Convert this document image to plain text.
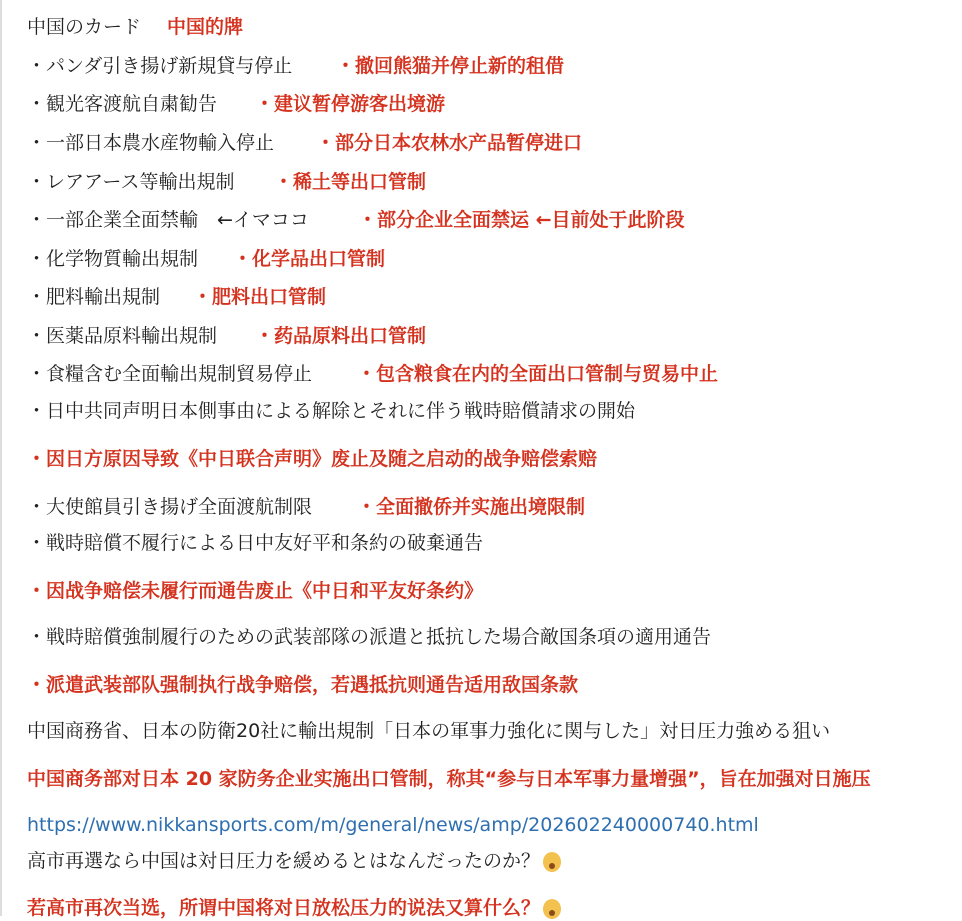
中国のカード 中国的牌
・パンダ引き揚げ新規貸与停止 ・撤回熊猫并停止新的租借
・観光客渡航自粛勧告 ・建议暂停游客出境游
・一部日本農水産物輸入停止 ・部分日本农林水产品暂停进口
・レアアース等輸出規制 ・稀土等出口管制
・一部企業全面禁輸　←イマココ	・部分企业全面禁运 ←目前处于此阶段
・化学物質輸出規制 ・化学品出口管制
・肥料輸出規制 ・肥料出口管制
・医薬品原料輸出規制 ・药品原料出口管制
・食糧含む全面輸出規制貿易停止 ・包含粮食在内的全面出口管制与贸易中止
・日中共同声明日本側事由による解除とそれに伴う戦時賠償請求の開始
・因日方原因导致《中日联合声明》废止及随之启动的战争赔偿索赔
・大使館員引き揚げ全面渡航制限 ・全面撤侨并实施出境限制
・戦時賠償不履行による日中友好平和条約の破棄通告
・因战争赔偿未履行而通告废止《中日和平友好条约》
・戦時賠償強制履行のための武装部隊の派遣と抵抗した場合敵国条項の適用通告
・派遣武装部队强制执行战争赔偿，若遇抵抗则通告适用敌国条款
中国商務省、日本の防衛20社に輸出規制「日本の軍事力強化に関与した」対日圧力強める狙い
中国商务部对日本 20 家防务企业实施出口管制，称其“参与日本军事力量增强”，旨在加强对日施压
https://www.nikkansports.com/m/general/news/amp/202602240000740.html
高市再選なら中国は対日圧力を緩めるとはなんだったのか？
若高市再次当选，所谓中国将对日放松压力的说法又算什么？
